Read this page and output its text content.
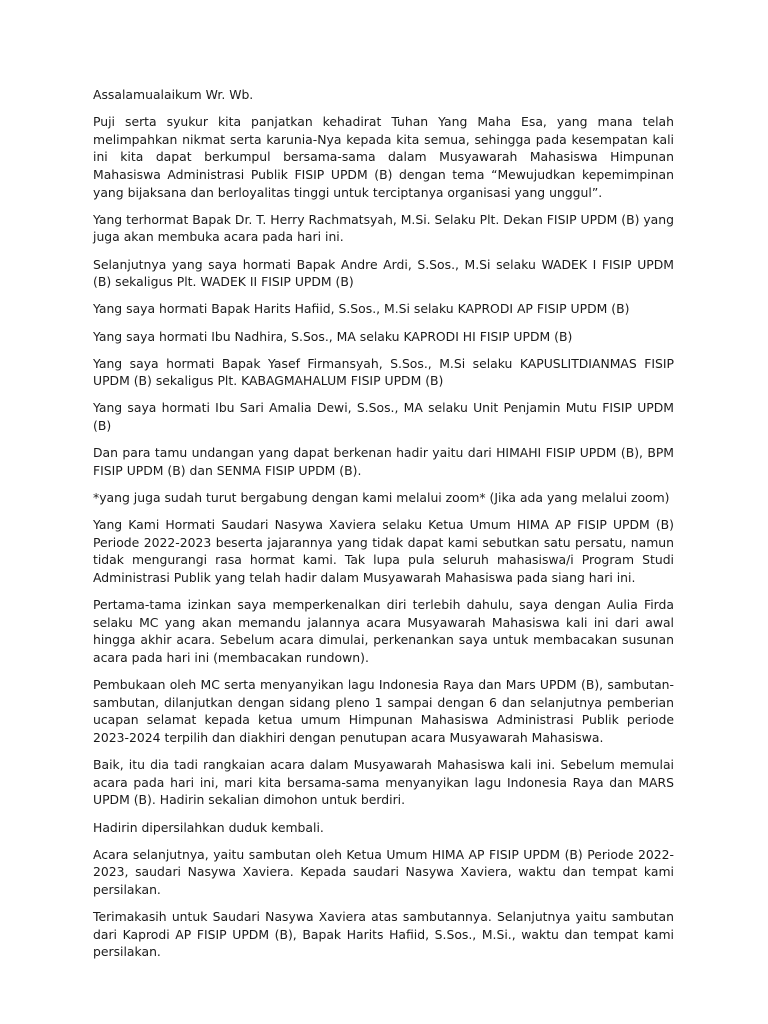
Assalamualaikum Wr. Wb.

Puji serta syukur kita panjatkan kehadirat Tuhan Yang Maha Esa, yang mana telah melimpahkan nikmat serta karunia-Nya kepada kita semua, sehingga pada kesempatan kali ini kita dapat berkumpul bersama-sama dalam Musyawarah Mahasiswa Himpunan Mahasiswa Administrasi Publik FISIP UPDM (B) dengan tema “Mewujudkan kepemimpinan yang bijaksana dan berloyalitas tinggi untuk terciptanya organisasi yang unggul”.

Yang terhormat Bapak Dr. T. Herry Rachmatsyah, M.Si. Selaku Plt. Dekan FISIP UPDM (B) yang juga akan membuka acara pada hari ini.

Selanjutnya yang saya hormati Bapak Andre Ardi, S.Sos., M.Si selaku WADEK I FISIP UPDM (B) sekaligus Plt. WADEK II FISIP UPDM (B)

Yang saya hormati Bapak Harits Hafiid, S.Sos., M.Si selaku KAPRODI AP FISIP UPDM (B)

Yang saya hormati Ibu Nadhira, S.Sos., MA selaku KAPRODI HI FISIP UPDM (B)

Yang saya hormati Bapak Yasef Firmansyah, S.Sos., M.Si selaku KAPUSLITDIANMAS FISIP UPDM (B) sekaligus Plt. KABAGMAHALUM FISIP UPDM (B)

Yang saya hormati Ibu Sari Amalia Dewi, S.Sos., MA selaku Unit Penjamin Mutu FISIP UPDM (B)

Dan para tamu undangan yang dapat berkenan hadir yaitu dari HIMAHI FISIP UPDM (B), BPM FISIP UPDM (B) dan SENMA FISIP UPDM (B).

*yang juga sudah turut bergabung dengan kami melalui zoom* (Jika ada yang melalui zoom)

Yang Kami Hormati Saudari Nasywa Xaviera selaku Ketua Umum HIMA AP FISIP UPDM (B) Periode 2022-2023 beserta jajarannya yang tidak dapat kami sebutkan satu persatu, namun tidak mengurangi rasa hormat kami. Tak lupa pula seluruh mahasiswa/i Program Studi Administrasi Publik yang telah hadir dalam Musyawarah Mahasiswa pada siang hari ini.

Pertama-tama izinkan saya memperkenalkan diri terlebih dahulu, saya dengan Aulia Firda selaku MC yang akan memandu jalannya acara Musyawarah Mahasiswa kali ini dari awal hingga akhir acara. Sebelum acara dimulai, perkenankan saya untuk membacakan susunan acara pada hari ini (membacakan rundown).

Pembukaan oleh MC serta menyanyikan lagu Indonesia Raya dan Mars UPDM (B), sambutan-sambutan, dilanjutkan dengan sidang pleno 1 sampai dengan 6 dan selanjutnya pemberian ucapan selamat kepada ketua umum Himpunan Mahasiswa Administrasi Publik periode 2023-2024 terpilih dan diakhiri dengan penutupan acara Musyawarah Mahasiswa.

Baik, itu dia tadi rangkaian acara dalam Musyawarah Mahasiswa kali ini. Sebelum memulai acara pada hari ini, mari kita bersama-sama menyanyikan lagu Indonesia Raya dan MARS UPDM (B). Hadirin sekalian dimohon untuk berdiri.

Hadirin dipersilahkan duduk kembali.

Acara selanjutnya, yaitu sambutan oleh Ketua Umum HIMA AP FISIP UPDM (B) Periode 2022-2023, saudari Nasywa Xaviera. Kepada saudari Nasywa Xaviera, waktu dan tempat kami persilakan.

Terimakasih untuk Saudari Nasywa Xaviera atas sambutannya. Selanjutnya yaitu sambutan dari Kaprodi AP FISIP UPDM (B), Bapak Harits Hafiid, S.Sos., M.Si., waktu dan tempat kami persilakan.
